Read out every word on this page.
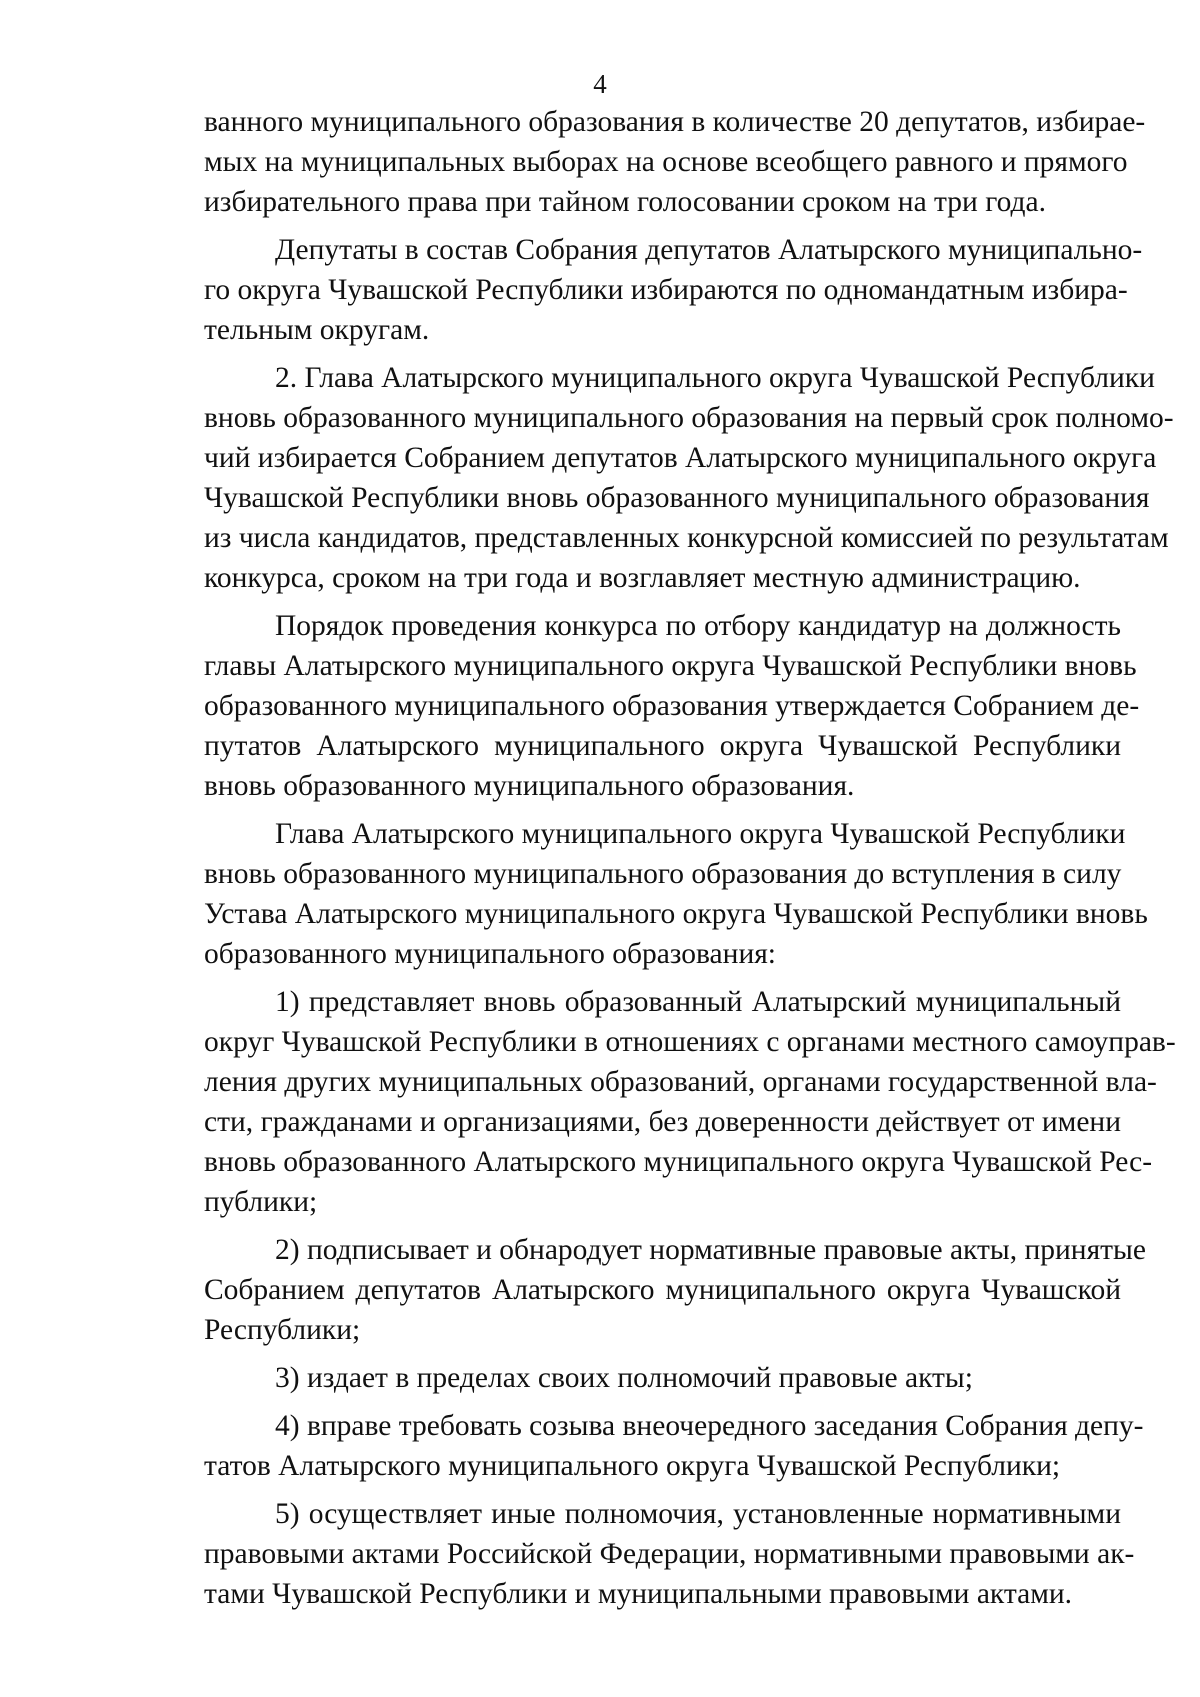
4
ванного муниципального образования в количестве 20 депутатов, избирае-
мых на муниципальных выборах на основе всеобщего равного и прямого
избирательного права при тайном голосовании сроком на три года.
Депутаты в состав Собрания депутатов Алатырского муниципально-
го округа Чувашской Республики избираются по одномандатным избира-
тельным округам.
2. Глава Алатырского муниципального округа Чувашской Республики
вновь образованного муниципального образования на первый срок полномо-
чий избирается Собранием депутатов Алатырского муниципального округа
Чувашской Республики вновь образованного муниципального образования
из числа кандидатов, представленных конкурсной комиссией по результатам
конкурса, сроком на три года и возглавляет местную администрацию.
Порядок проведения конкурса по отбору кандидатур на должность
главы Алатырского муниципального округа Чувашской Республики вновь
образованного муниципального образования утверждается Собранием де-
путатов Алатырского муниципального округа Чувашской Республики
вновь образованного муниципального образования.
Глава Алатырского муниципального округа Чувашской Республики
вновь образованного муниципального образования до вступления в силу
Устава Алатырского муниципального округа Чувашской Республики вновь
образованного муниципального образования:
1) представляет вновь образованный Алатырский муниципальный
округ Чувашской Республики в отношениях с органами местного самоуправ-
ления других муниципальных образований, органами государственной вла-
сти, гражданами и организациями, без доверенности действует от имени
вновь образованного Алатырского муниципального округа Чувашской Рес-
публики;
2) подписывает и обнародует нормативные правовые акты, принятые
Собранием депутатов Алатырского муниципального округа Чувашской
Республики;
3) издает в пределах своих полномочий правовые акты;
4) вправе требовать созыва внеочередного заседания Собрания депу-
татов Алатырского муниципального округа Чувашской Республики;
5) осуществляет иные полномочия, установленные нормативными
правовыми актами Российской Федерации, нормативными правовыми ак-
тами Чувашской Республики и муниципальными правовыми актами.
